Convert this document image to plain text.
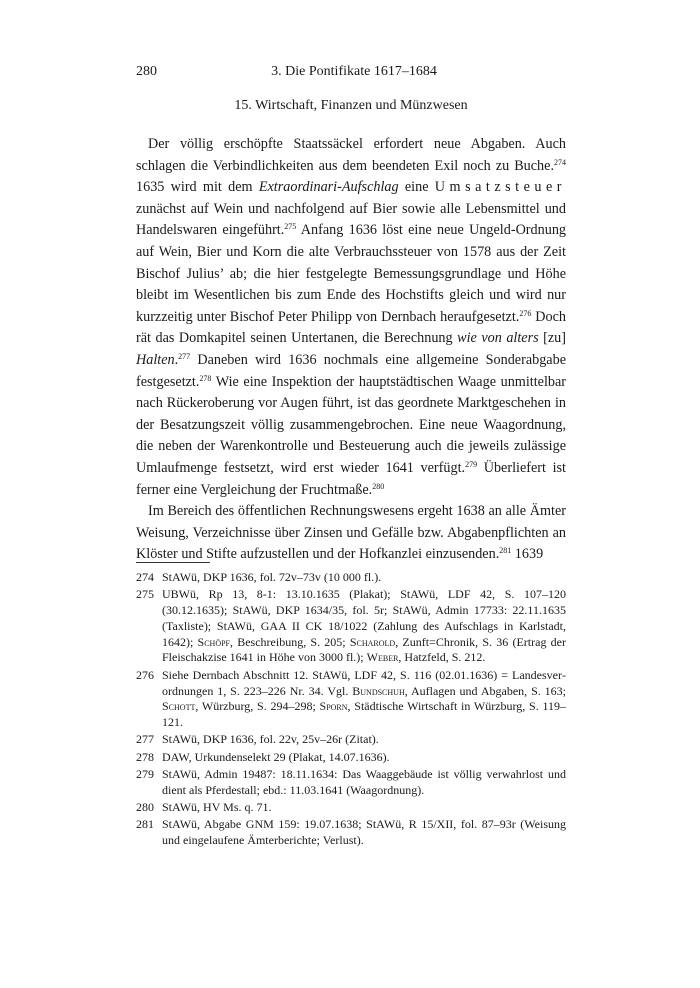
280	3. Die Pontifikate 1617–1684
15. Wirtschaft, Finanzen und Münzwesen

Der völlig erschöpfte Staatssäckel erfordert neue Abgaben. Auch schlagen die Verbindlichkeiten aus dem beendeten Exil noch zu Buche.$^{274}$ 1635 wird mit dem Extraordinari-Aufschlag eine Umsatzsteuer zunächst auf Wein und nachfolgend auf Bier sowie alle Lebensmittel und Handelswaren eingeführt.$^{275}$ Anfang 1636 löst eine neue Ungeld-Ordnung auf Wein, Bier und Korn die alte Verbrauchssteuer von 1578 aus der Zeit Bischof Julius’ ab; die hier festgelegte Bemessungsgrundlage und Höhe bleibt im Wesentlichen bis zum Ende des Hochstifts gleich und wird nur kurzzeitig unter Bischof Peter Philipp von Dernbach heraufgesetzt.$^{276}$ Doch rät das Domkapitel seinen Untertanen, die Berechnung wie von alters [zu] Halten.$^{277}$ Daneben wird 1636 nochmals eine allgemeine Sonderabgabe festgesetzt.$^{278}$ Wie eine Inspektion der hauptstädtischen Waage unmittelbar nach Rückeroberung vor Augen führt, ist das geordnete Marktgeschehen in der Besatzungszeit völlig zusammengebrochen. Eine neue Waagordnung, die neben der Warenkontrolle und Besteuerung auch die jeweils zulässige Umlaufmenge festsetzt, wird erst wieder 1641 verfügt.$^{279}$ Überliefert ist ferner eine Vergleichung der Fruchtmaße.$^{280}$

Im Bereich des öffentlichen Rechnungswesens ergeht 1638 an alle Ämter Weisung, Verzeichnisse über Zinsen und Gefälle bzw. Abgabenpflichten an Klöster und Stifte aufzustellen und der Hofkanzlei einzusenden.$^{281}$ 1639

274 StAWü, DKP 1636, fol. 72v–73v (10 000 fl.).
275 UBWü, Rp 13, 8-1: 13.10.1635 (Plakat); StAWü, LDF 42, S. 107–120 (30.12.1635); StAWü, DKP 1634/35, fol. 5r; StAWü, Admin 17733: 22.11.1635 (Taxliste); StAWü, GAA II CK 18/1022 (Zahlung des Aufschlags in Karlstadt, 1642); Schöpf, Beschreibung, S. 205; Scharold, Zunft=Chronik, S. 36 (Ertrag der Fleischakzise 1641 in Höhe von 3000 fl.); Weber, Hatzfeld, S. 212.
276 Siehe Dernbach Abschnitt 12. StAWü, LDF 42, S. 116 (02.01.1636) = Landesverordnungen 1, S. 223–226 Nr. 34. Vgl. Bundschuh, Auflagen und Abgaben, S. 163; Schott, Würzburg, S. 294–298; Sporn, Städtische Wirtschaft in Würzburg, S. 119–121.
277 StAWü, DKP 1636, fol. 22v, 25v–26r (Zitat).
278 DAW, Urkundenselekt 29 (Plakat, 14.07.1636).
279 StAWü, Admin 19487: 18.11.1634: Das Waaggebäude ist völlig verwahrlost und dient als Pferdestall; ebd.: 11.03.1641 (Waagordnung).
280 StAWü, HV Ms. q. 71.
281 StAWü, Abgabe GNM 159: 19.07.1638; StAWü, R 15/XII, fol. 87–93r (Weisung und eingelaufene Ämterberichte; Verlust).
